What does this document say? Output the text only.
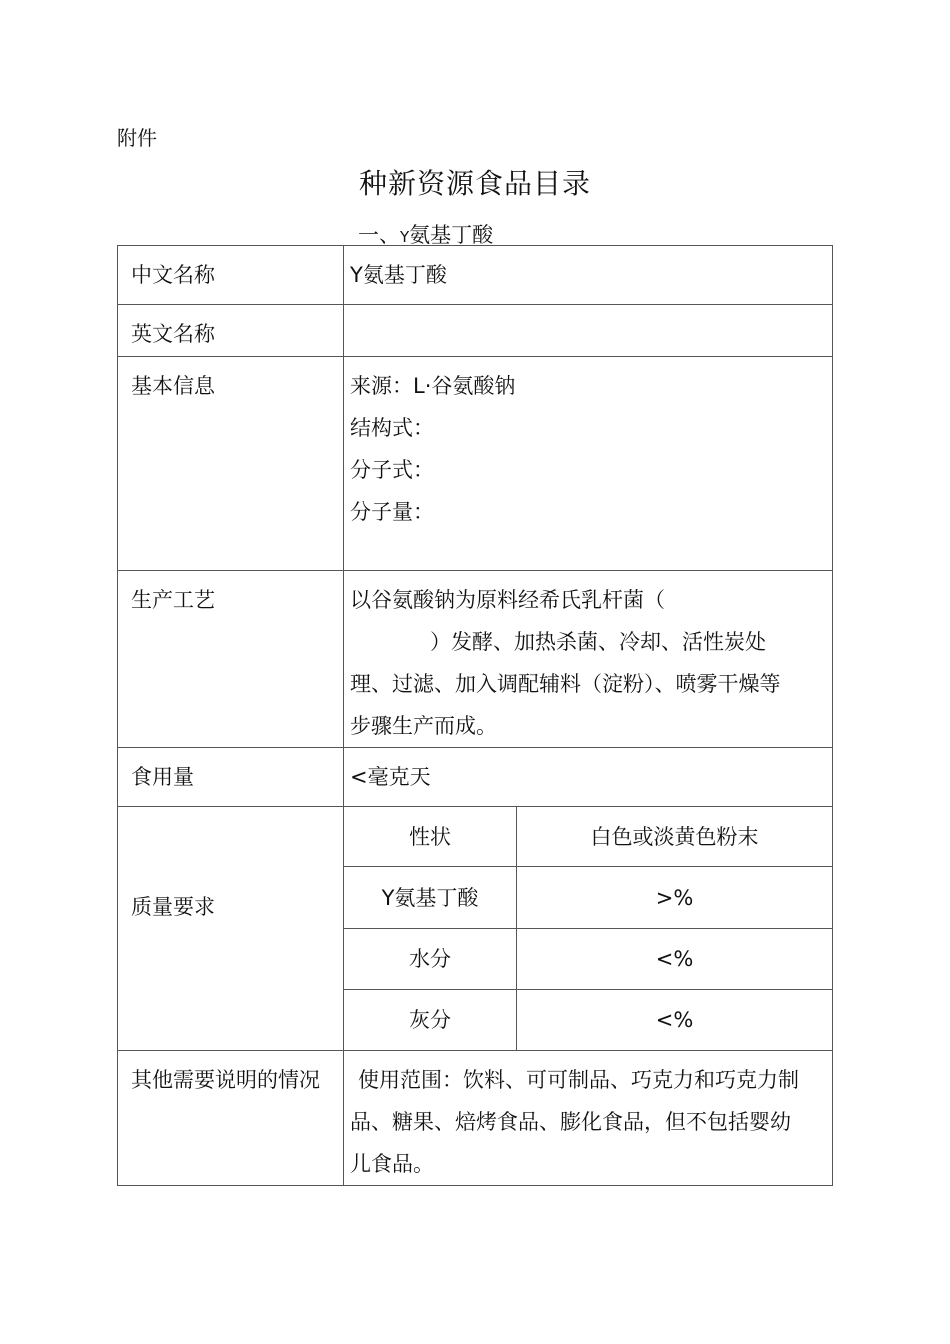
附件
种新资源食品目录
一、Y氨基丁酸
中文名称	Y氨基丁酸
英文名称	
基本信息	来源：L·谷氨酸钠
结构式：
分子式：
分子量：

生产工艺	以谷氨酸钠为原料经希氏乳杆菌（
）发酵、加热杀菌、冷却、活性炭处
理、过滤、加入调配辅料（淀粉）、喷雾干燥等
步骤生产而成。

食用量	<毫克天
质量要求	
性状	白色或淡黄色粉末
Y氨基丁酸	>%
水分	<%
灰分	<%

其他需要说明的情况	使用范围：饮料、可可制品、巧克力和巧克力制
品、糖果、焙烤食品、膨化食品，但不包括婴幼
儿食品。
